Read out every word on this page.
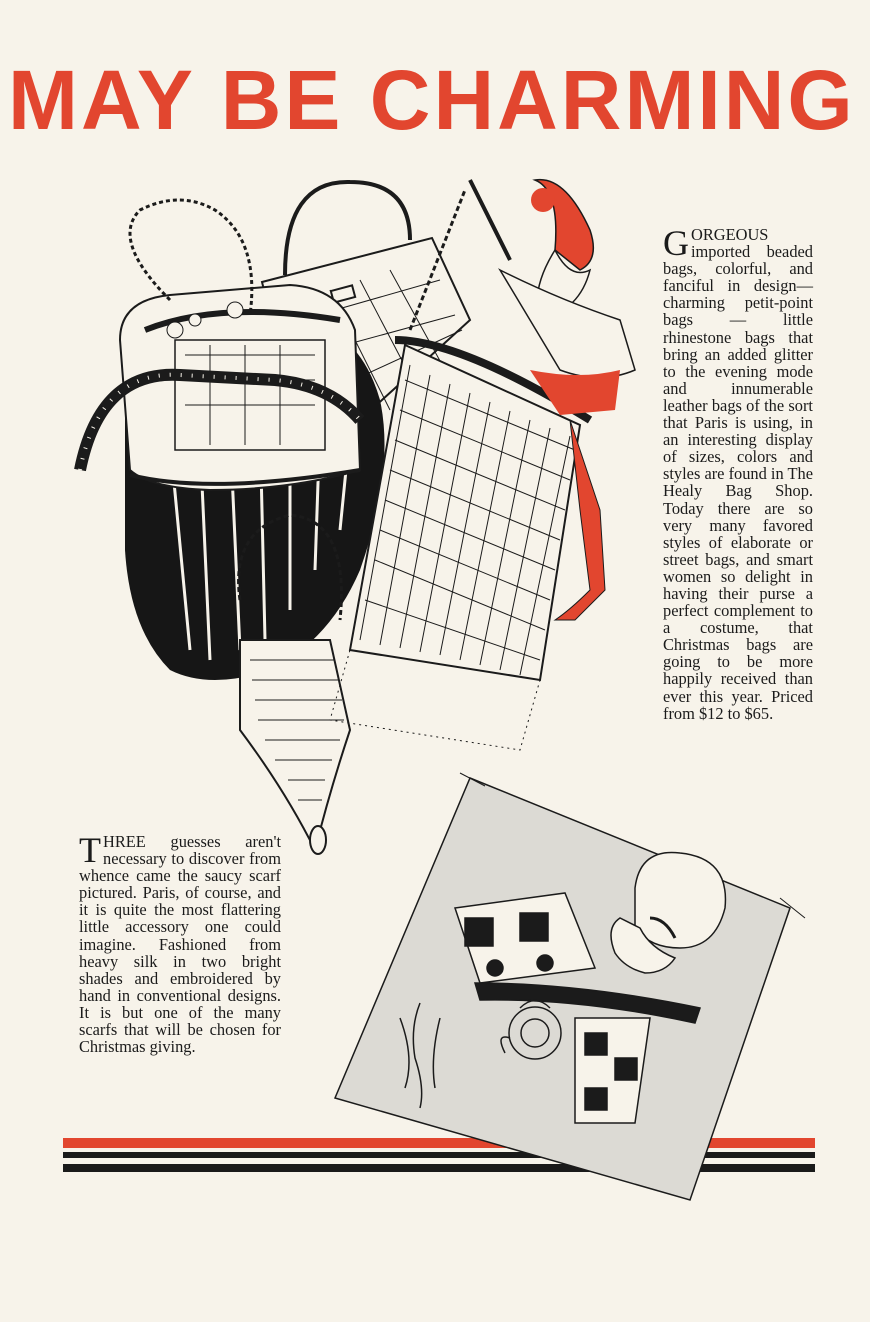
MAY BE CHARMING
GORGEOUS imported beaded bags, colorful, and fanciful in design—charming petit-point bags — little rhinestone bags that bring an added glitter to the evening mode and innumerable leather bags of the sort that Paris is using, in an interesting display of sizes, colors and styles are found in The Healy Bag Shop. Today there are so very many favored styles of elaborate or street bags, and smart women so delight in having their purse a perfect complement to a costume, that Christmas bags are going to be more happily received than ever this year. Priced from $12 to $65.
THREE guesses aren't necessary to discover from whence came the saucy scarf pictured. Paris, of course, and it is quite the most flattering little accessory one could imagine. Fashioned from heavy silk in two bright shades and embroidered by hand in conventional designs. It is but one of the many scarfs that will be chosen for Christmas giving.
